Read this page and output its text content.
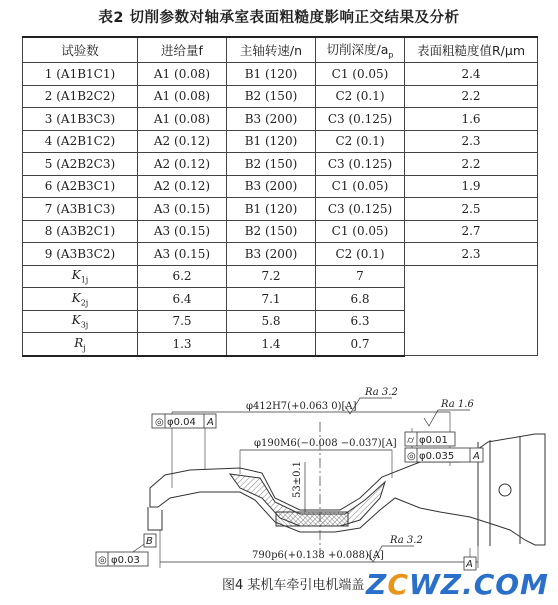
表2 切削参数对轴承室表面粗糙度影响正交结果及分析
试验数	进给量f	主轴转速/n	切削深度$/a_p$	表面粗糙度值R/μm
1 (A1B1C1)	A1 (0.08)	B1 (120)	C1 (0.05)	2.4
2 (A1B2C2)	A1 (0.08)	B2 (150)	C2 (0.1)	2.2
3 (A1B3C3)	A1 (0.08)	B3 (200)	C3 (0.125)	1.6
4 (A2B1C2)	A2 (0.12)	B1 (120)	C2 (0.1)	2.3
5 (A2B2C3)	A2 (0.12)	B2 (150)	C3 (0.125)	2.2
6 (A2B3C1)	A2 (0.12)	B3 (200)	C1 (0.05)	1.9
7 (A3B1C3)	A3 (0.15)	B1 (120)	C3 (0.125)	2.5
8 (A3B2C1)	A3 (0.15)	B2 (150)	C1 (0.05)	2.7
9 (A3B3C2)	A3 (0.15)	B3 (200)	C2 (0.1)	2.3
$K_{1j}$	6.2	7.2	7	
$K_{2j}$	6.4	7.1	6.8	
$K_{3j}$	7.5	5.8	6.3	
$R_j$	1.3	1.4	0.7	
φ412H7(+0.063 0)[A]
Ra 3.2
φ190M6(−0.008 −0.037)[A]
53±0.1
Ra 1.6
790p6(+0.138 +0.088)[A]
Ra 3.2
◎ φ0.04 A
⌭ φ0.01
◎ φ0.035 A
◎ φ0.03
B
A
图4 某机车牵引电机端盖 ZCWZ.COM
